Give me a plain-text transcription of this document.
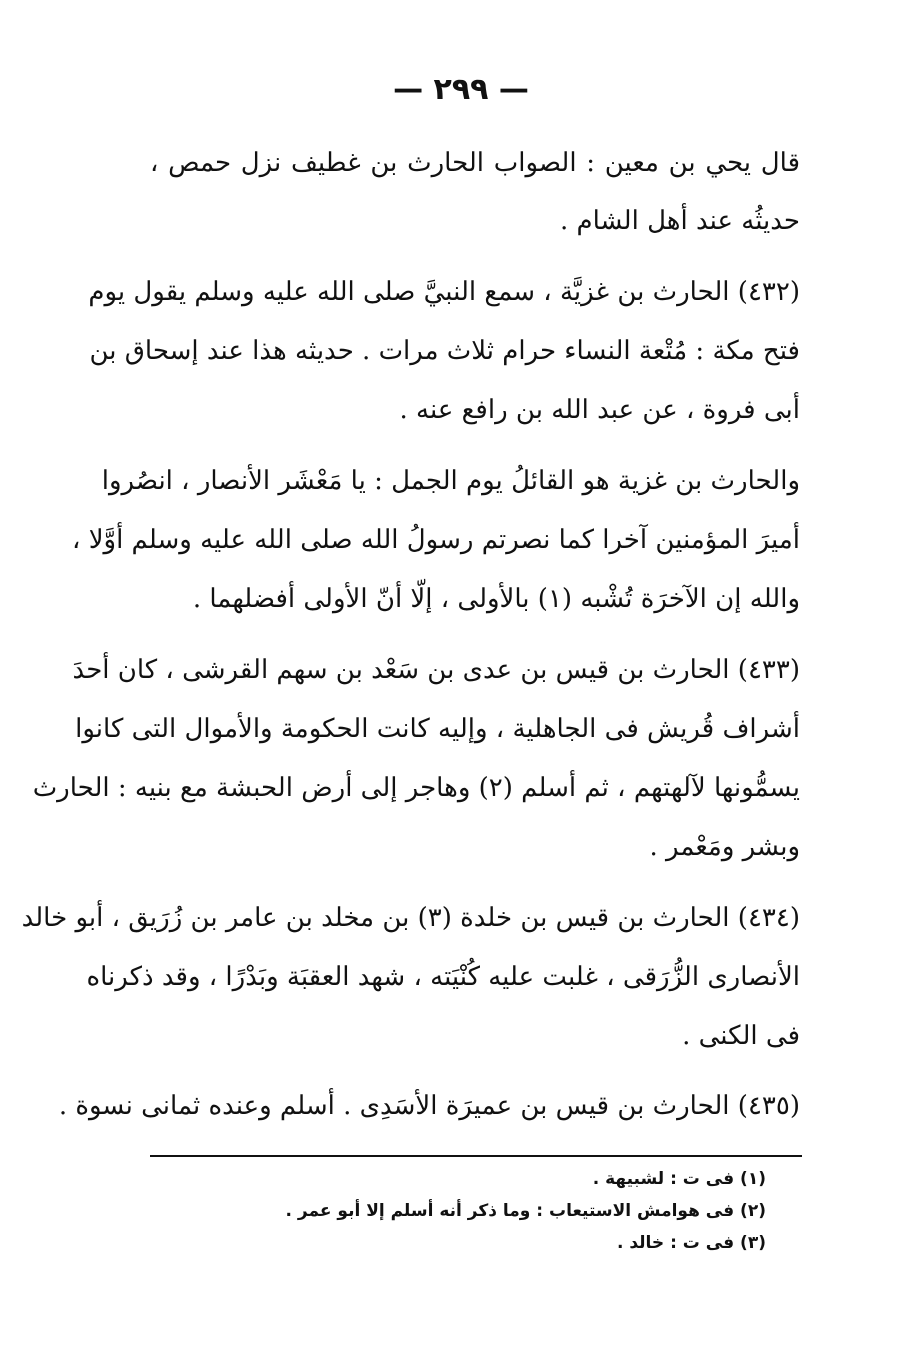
— ٢٩٩ —
قال يحي بن معين : الصواب الحارث بن غطيف نزل حمص ،
حديثُه عند أهل الشام .
(٤٣٢) الحارث بن غزيَّة ، سمع النبيَّ صلى الله عليه وسلم يقول يوم
فتح مكة : مُتْعة النساء حرام ثلاث مرات . حديثه هذا عند إسحاق بن
أبى فروة ، عن عبد الله بن رافع عنه .
والحارث بن غزية هو القائلُ يوم الجمل : يا مَعْشَر الأنصار ، انصُروا
أميرَ المؤمنين آخرا كما نصرتم رسولُ الله صلى الله عليه وسلم أوَّلا ،
والله إن الآخرَة تُشْبه (١) بالأولى ، إلّا أنّ الأولى أفضلهما .
(٤٣٣) الحارث بن قيس بن عدى بن سَعْد بن سهم القرشى ، كان أحدَ
أشراف قُريش فى الجاهلية ، وإليه كانت الحكومة والأموال التى كانوا
يسمُّونها لآلهتهم ، ثم أسلم (٢) وهاجر إلى أرض الحبشة مع بنيه : الحارث
وبشر ومَعْمر .
(٤٣٤) الحارث بن قيس بن خلدة (٣) بن مخلد بن عامر بن زُرَيق ، أبو خالد
الأنصارى الزُّرَقى ، غلبت عليه كُنْيَته ، شهد العقبَة وبَدْرًا ، وقد ذكرناه
فى الكنى .
(٤٣٥) الحارث بن قيس بن عميرَة الأسَدِى . أسلم وعنده ثمانى نسوة .
(١) فى ت : لشبيهة .
(٢) فى هوامش الاستيعاب : وما ذكر أنه أسلم إلا أبو عمر .
(٣) فى ت : خالد .
